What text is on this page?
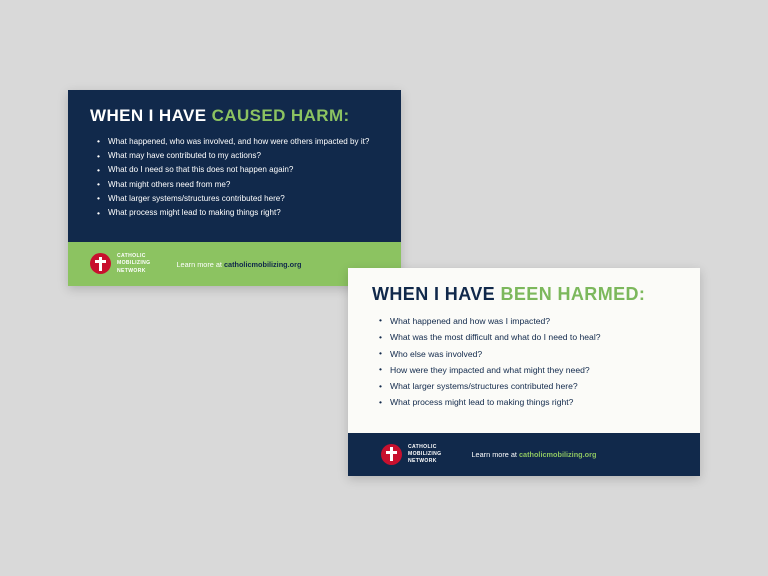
WHEN I HAVE CAUSED HARM:
• What happened, who was involved, and how were others impacted by it?
• What may have contributed to my actions?
• What do I need so that this does not happen again?
• What might others need from me?
• What larger systems/structures contributed here?
• What process might lead to making things right?
CATHOLIC
MOBILIZING
NETWORK
Learn more at catholicmobilizing.org
WHEN I HAVE BEEN HARMED:
• What happened and how was I impacted?
• What was the most difficult and what do I need to heal?
• Who else was involved?
• How were they impacted and what might they need?
• What larger systems/structures contributed here?
• What process might lead to making things right?
CATHOLIC
MOBILIZING
NETWORK
Learn more at catholicmobilizing.org
